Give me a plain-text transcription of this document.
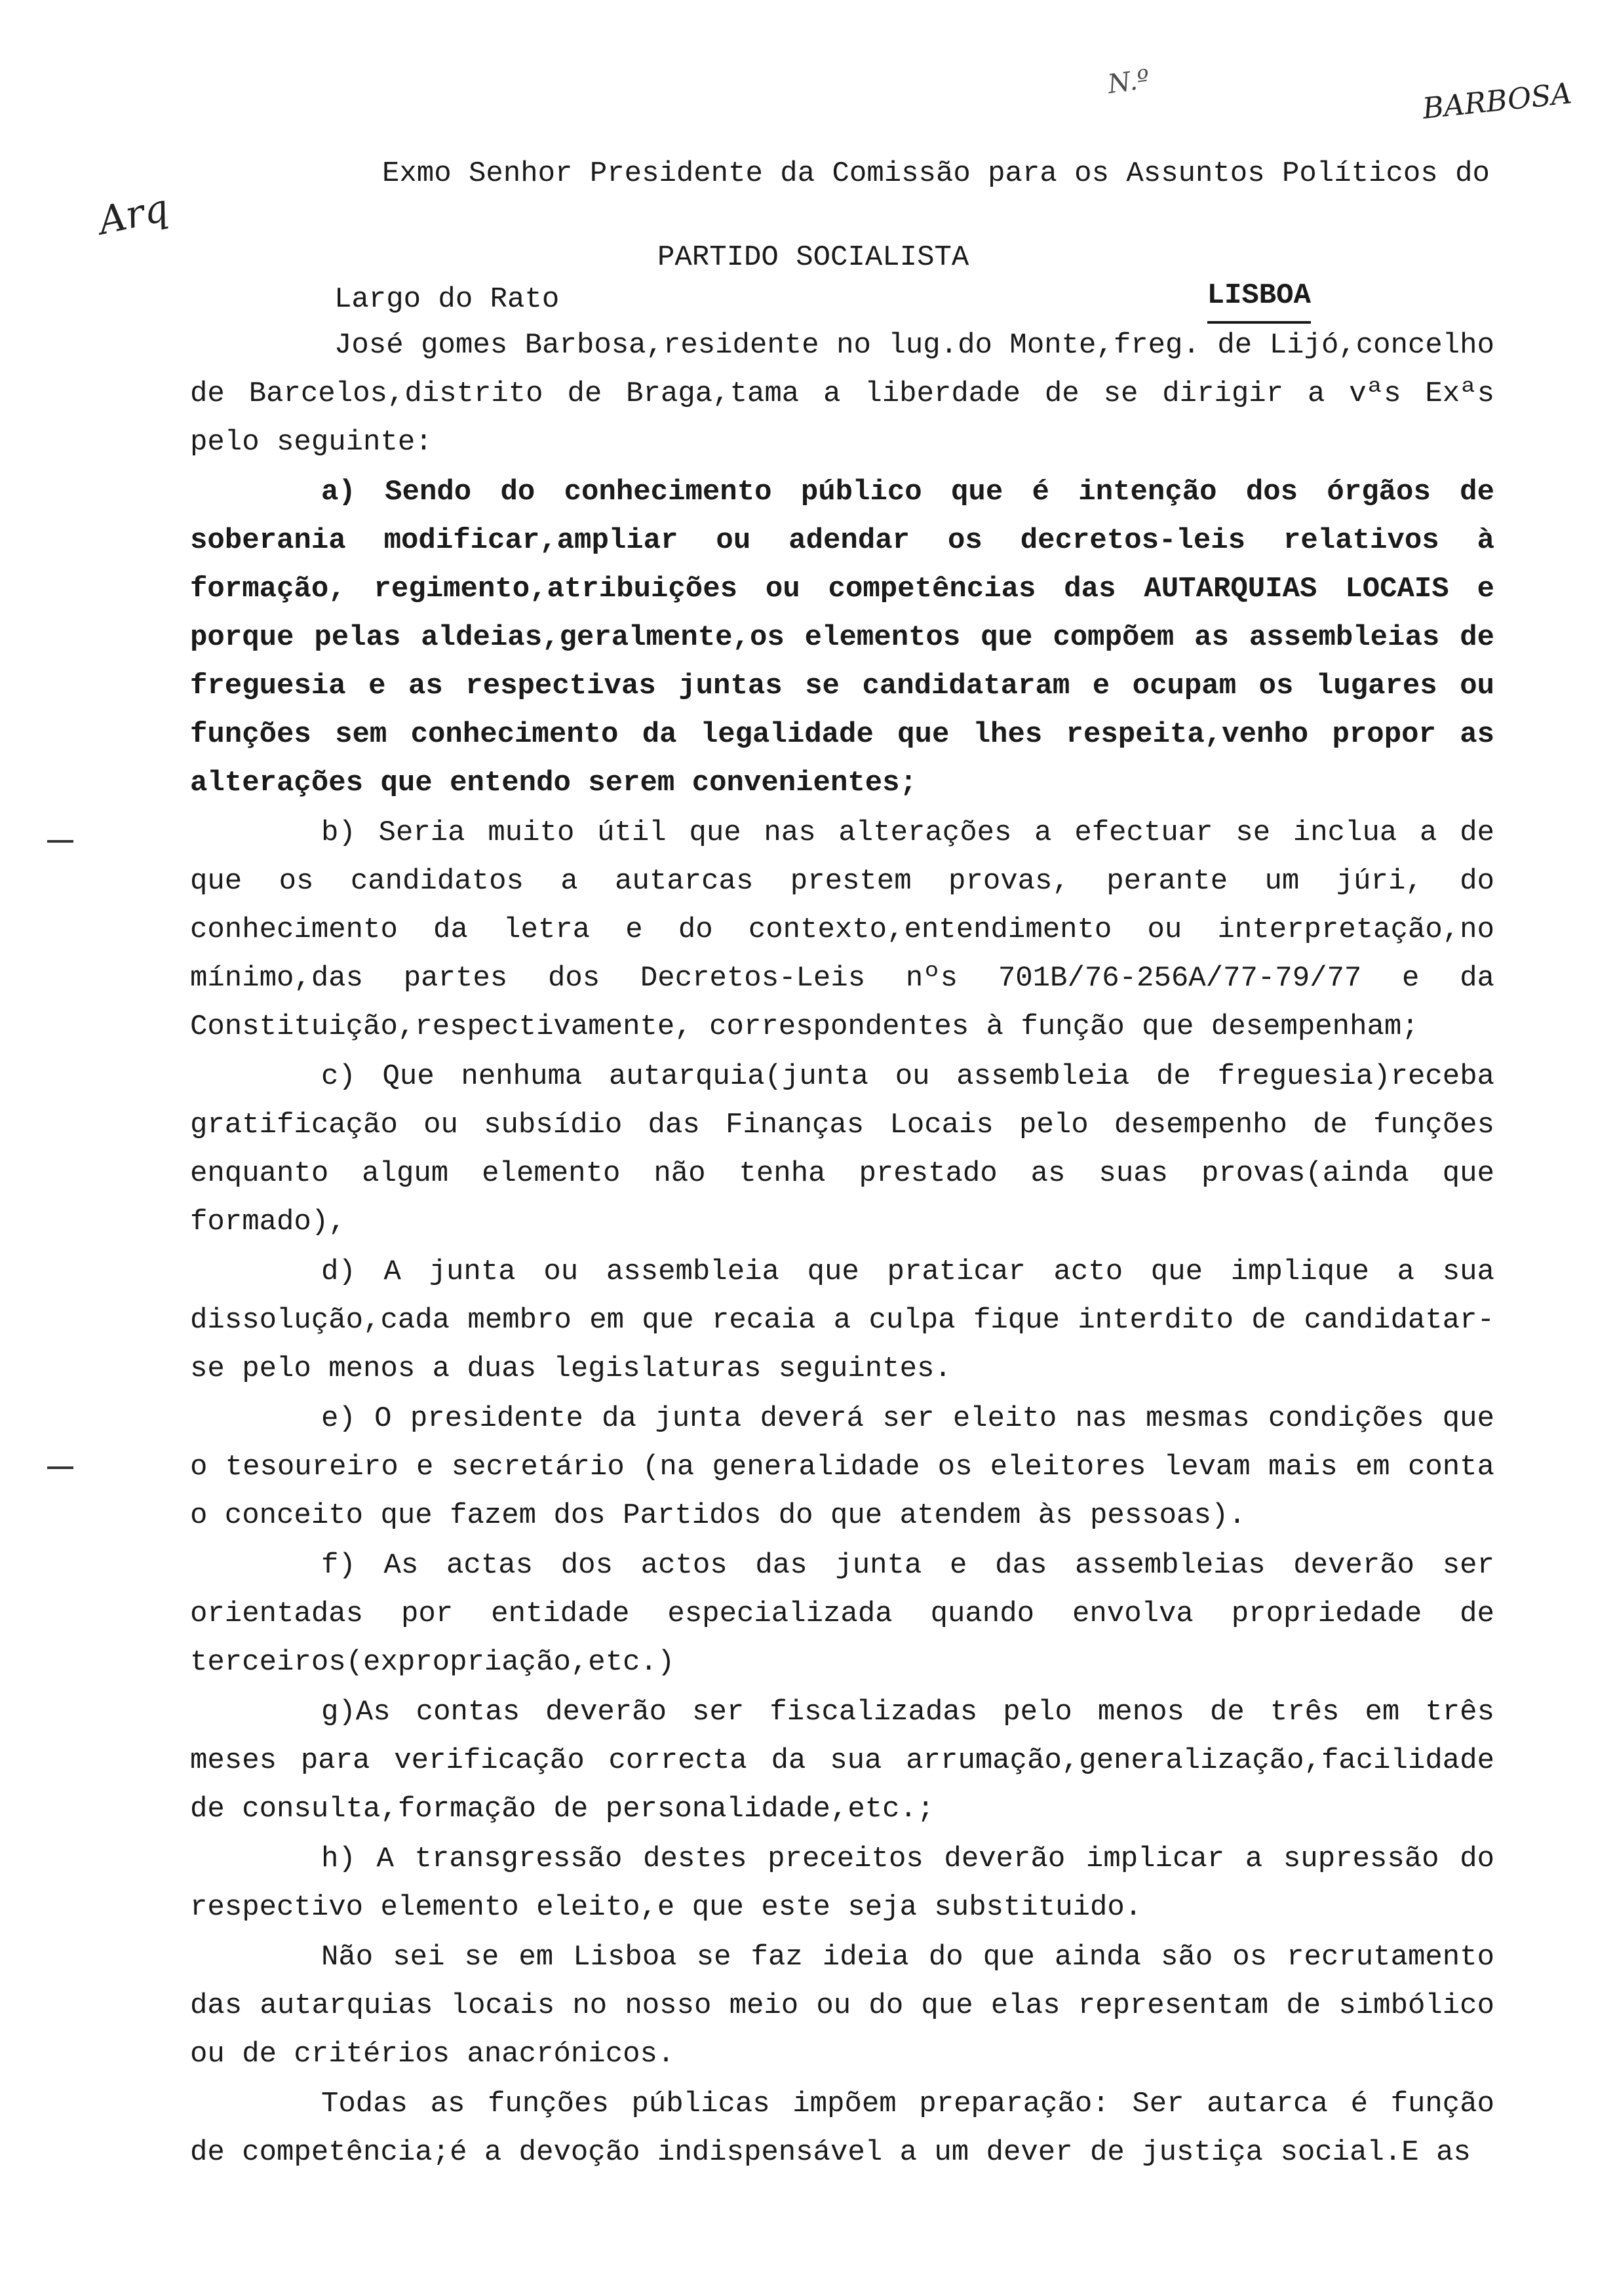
N.º	BARBOSA
Arq
Exmo Senhor Presidente da Comissão para os Assuntos Políticos do
PARTIDO SOCIALISTA
Largo do Rato	LISBOA

José gomes Barbosa,residente no lug.do Monte,freg. de Lijó,concelho de Barcelos,distrito de Braga,tama a liberdade de se dirigir a vªs Exªs pelo seguinte:

a) Sendo do conhecimento público que é intenção dos órgãos de soberania modificar,ampliar ou adendar os decretos-leis relativos à formação, regimento,atribuições ou competências das AUTARQUIAS LOCAIS e porque pelas aldeias,geralmente,os elementos que compõem as assembleias de freguesia e as respectivas juntas se candidataram e ocupam os lugares ou funções sem conhecimento da legalidade que lhes respeita,venho propor as alterações que entendo serem convenientes;

b) Seria muito útil que nas alterações a efectuar se inclua a de que os candidatos a autarcas prestem provas, perante um júri, do conhecimento da letra e do contexto,entendimento ou interpretação,no mínimo,das partes dos Decretos-Leis nºs 701B/76-256A/77-79/77 e da Constituição,respectivamente, correspondentes à função que desempenham;

c) Que nenhuma autarquia(junta ou assembleia de freguesia)receba gratificação ou subsídio das Finanças Locais pelo desempenho de funções enquanto algum elemento não tenha prestado as suas provas(ainda que formado),

d) A junta ou assembleia que praticar acto que implique a sua dissolução,cada membro em que recaia a culpa fique interdito de candidatar-se pelo menos a duas legislaturas seguintes.

e) O presidente da junta deverá ser eleito nas mesmas condições que o tesoureiro e secretário (na generalidade os eleitores levam mais em conta o conceito que fazem dos Partidos do que atendem às pessoas).

f) As actas dos actos das junta e das assembleias deverão ser orientadas por entidade especializada quando envolva propriedade de terceiros(expropriação,etc.)

g)As contas deverão ser fiscalizadas pelo menos de três em três meses para verificação correcta da sua arrumação,generalização,facilidade de consulta,formação de personalidade,etc.;

h) A transgressão destes preceitos deverão implicar a supressão do respectivo elemento eleito,e que este seja substituido.

Não sei se em Lisboa se faz ideia do que ainda são os recrutamento das autarquias locais no nosso meio ou do que elas representam de simbólico ou de critérios anacrónicos.

Todas as funções públicas impõem preparação: Ser autarca é função de competência;é a devoção indispensável a um dever de justiça social.E as
